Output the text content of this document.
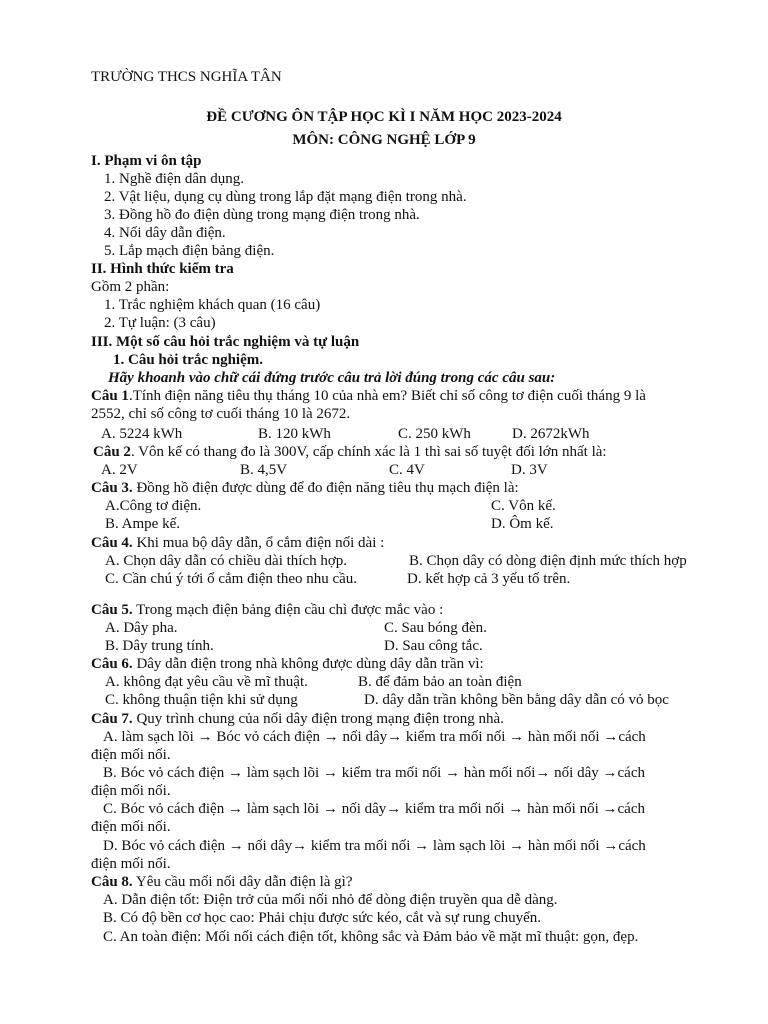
TRƯỜNG THCS NGHĨA TÂN
ĐỀ CƯƠNG ÔN TẬP HỌC KÌ I NĂM HỌC 2023-2024
MÔN: CÔNG NGHỆ LỚP 9
I. Phạm vi ôn tập
1. Nghề điện dân dụng.
2. Vật liệu, dụng cụ dùng trong lắp đặt mạng điện trong nhà.
3. Đồng hồ đo điện dùng trong mạng điện trong nhà.
4. Nối dây dẫn điện.
5. Lắp mạch điện bảng điện.
II. Hình thức kiểm tra
Gồm 2 phần:
1. Trắc nghiệm khách quan (16 câu)
2. Tự luận: (3 câu)
III. Một số câu hỏi trắc nghiệm và tự luận
1. Câu hỏi trắc nghiệm.
Hãy khoanh vào chữ cái đứng trước câu trả lời đúng trong các câu sau:
Câu 1.Tính điện năng tiêu thụ tháng 10 của nhà em? Biết chỉ số công tơ điện cuối tháng 9 là
2552, chỉ số công tơ cuối tháng 10 là 2672.
A. 5224 kWh	B. 120 kWh	C. 250 kWh	D. 2672kWh
Câu 2. Vôn kế có thang đo là 300V, cấp chính xác là 1 thì sai số tuyệt đối lớn nhất là:
A. 2V	B. 4,5V	C. 4V	D. 3V
Câu 3. Đồng hồ điện được dùng để đo điện năng tiêu thụ mạch điện là:
A.Công tơ điện.	C. Vôn kế.
B. Ampe kế.	D. Ôm kế.
Câu 4. Khi mua bộ dây dẫn, ổ cắm điện nối dài :
A. Chọn dây dẫn có chiều dài thích hợp.	B. Chọn dây có dòng điện định mức thích hợp
C. Cần chú ý tới ổ cắm điện theo nhu cầu.	D. kết hợp cả 3 yếu tố trên.
Câu 5. Trong mạch điện bảng điện cầu chì được mắc vào :
A. Dây pha.	C. Sau bóng đèn.
B. Dây trung tính.	D. Sau công tắc.
Câu 6. Dây dẫn điện trong nhà không được dùng dây dẫn trần vì:
A. không đạt yêu cầu về mĩ thuật.	B. để đảm bảo an toàn điện
C. không thuận tiện khi sử dụng	D. dây dẫn trần không bền bằng dây dẫn có vỏ bọc
Câu 7. Quy trình chung của nối dây điện trong mạng điện trong nhà.
A. làm sạch lõi → Bóc vỏ cách điện → nối dây→ kiểm tra mối nối → hàn mối nối →cách
điện mối nối.
B. Bóc vỏ cách điện → làm sạch lõi → kiểm tra mối nối → hàn mối nối→ nối dây →cách
điện mối nối.
C. Bóc vỏ cách điện → làm sạch lõi → nối dây→ kiểm tra mối nối → hàn mối nối →cách
điện mối nối.
D. Bóc vỏ cách điện → nối dây→ kiểm tra mối nối → làm sạch lõi → hàn mối nối →cách
điện mối nối.
Câu 8. Yêu cầu mối nối dây dẫn điện là gì?
A. Dẫn điện tốt: Điện trở của mối nối nhỏ để dòng điện truyền qua dễ dàng.
B. Có độ bền cơ học cao: Phải chịu được sức kéo, cắt và sự rung chuyển.
C. An toàn điện: Mối nối cách điện tốt, không sắc và Đảm bảo về mặt mĩ thuật: gọn, đẹp.
